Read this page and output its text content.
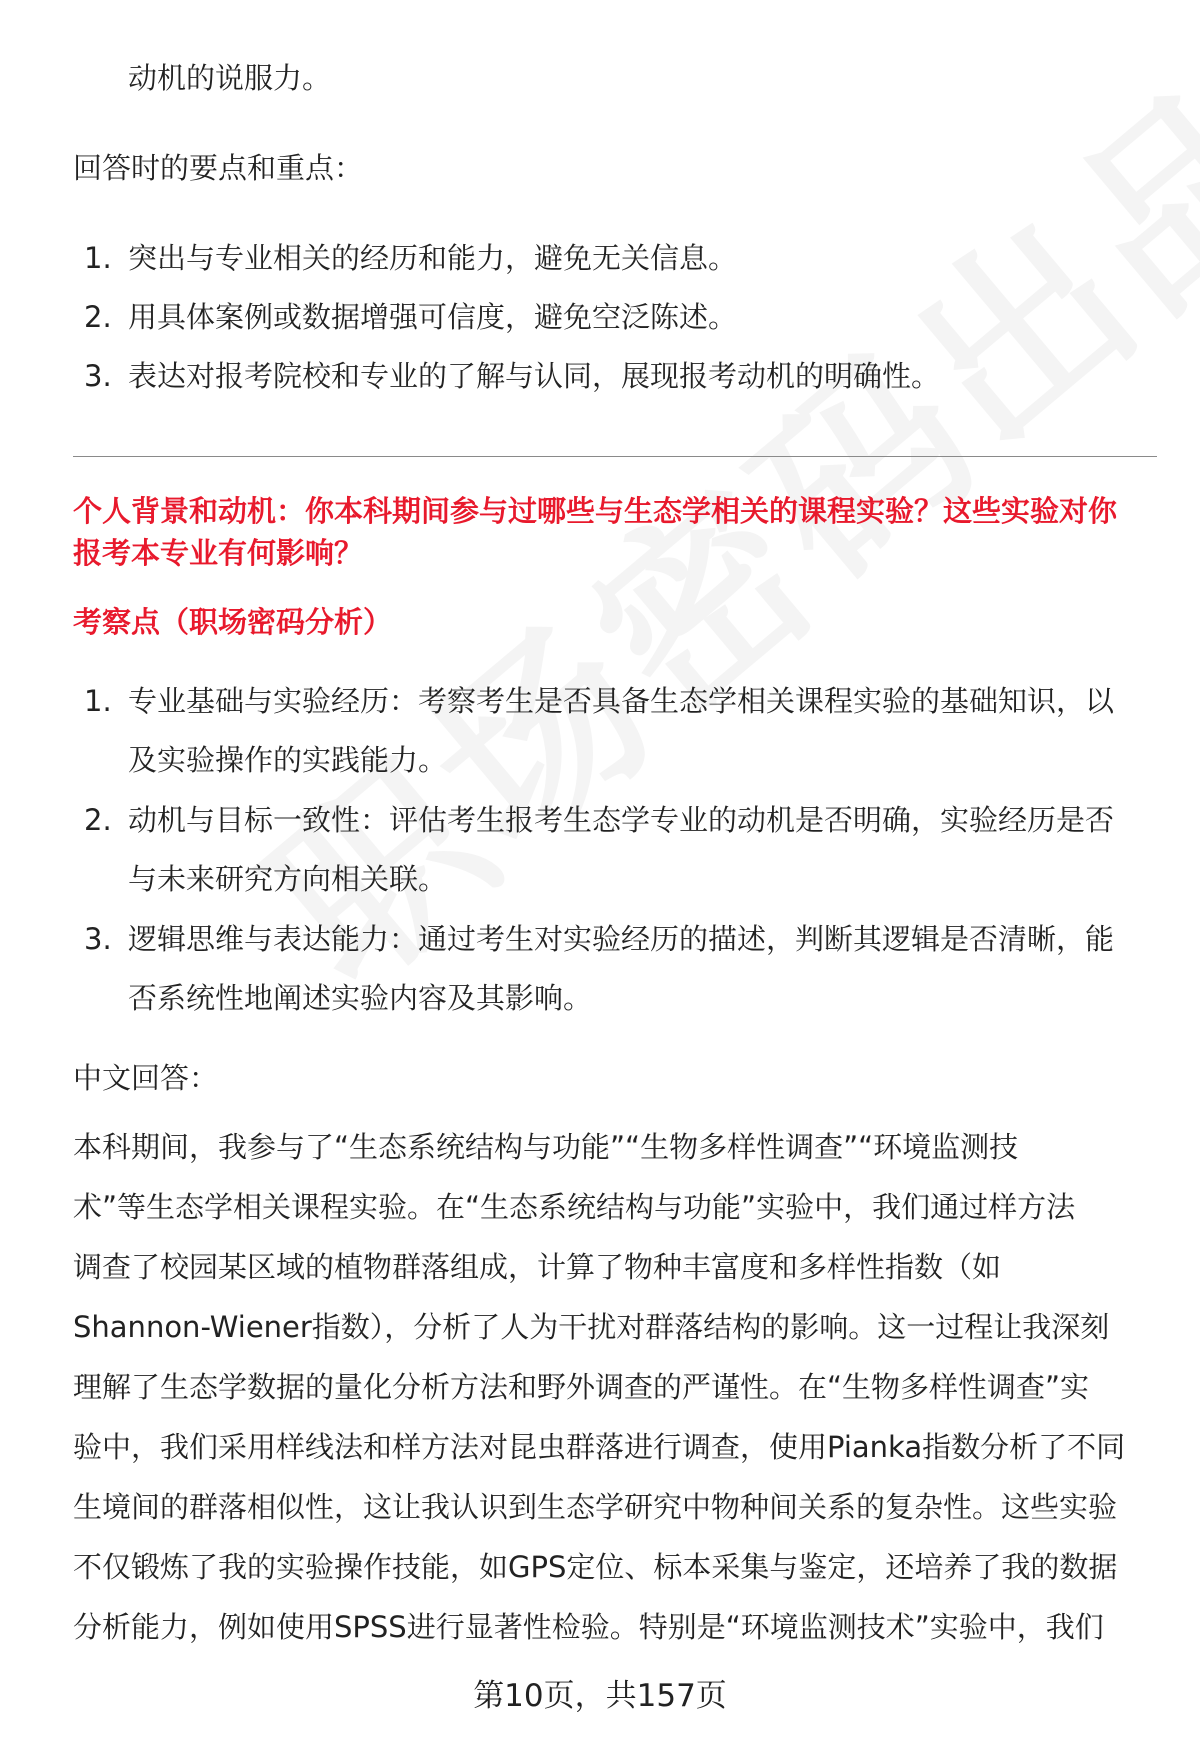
动机的说服力。
回答时的要点和重点：
1. 突出与专业相关的经历和能力，避免无关信息。
2. 用具体案例或数据增强可信度，避免空泛陈述。
3. 表达对报考院校和专业的了解与认同，展现报考动机的明确性。
个人背景和动机：你本科期间参与过哪些与生态学相关的课程实验？这些实验对你
报考本专业有何影响？
考察点（职场密码分析）
1. 专业基础与实验经历：考察考生是否具备生态学相关课程实验的基础知识，以
及实验操作的实践能力。
2. 动机与目标一致性：评估考生报考生态学专业的动机是否明确，实验经历是否
与未来研究方向相关联。
3. 逻辑思维与表达能力：通过考生对实验经历的描述，判断其逻辑是否清晰，能
否系统性地阐述实验内容及其影响。
中文回答：
本科期间，我参与了“生态系统结构与功能”“生物多样性调查”“环境监测技
术”等生态学相关课程实验。在“生态系统结构与功能”实验中，我们通过样方法
调查了校园某区域的植物群落组成，计算了物种丰富度和多样性指数（如
Shannon-Wiener指数），分析了人为干扰对群落结构的影响。这一过程让我深刻
理解了生态学数据的量化分析方法和野外调查的严谨性。在“生物多样性调查”实
验中，我们采用样线法和样方法对昆虫群落进行调查，使用Pianka指数分析了不同
生境间的群落相似性，这让我认识到生态学研究中物种间关系的复杂性。这些实验
不仅锻炼了我的实验操作技能，如GPS定位、标本采集与鉴定，还培养了我的数据
分析能力，例如使用SPSS进行显著性检验。特别是“环境监测技术”实验中，我们
第10页，共157页
